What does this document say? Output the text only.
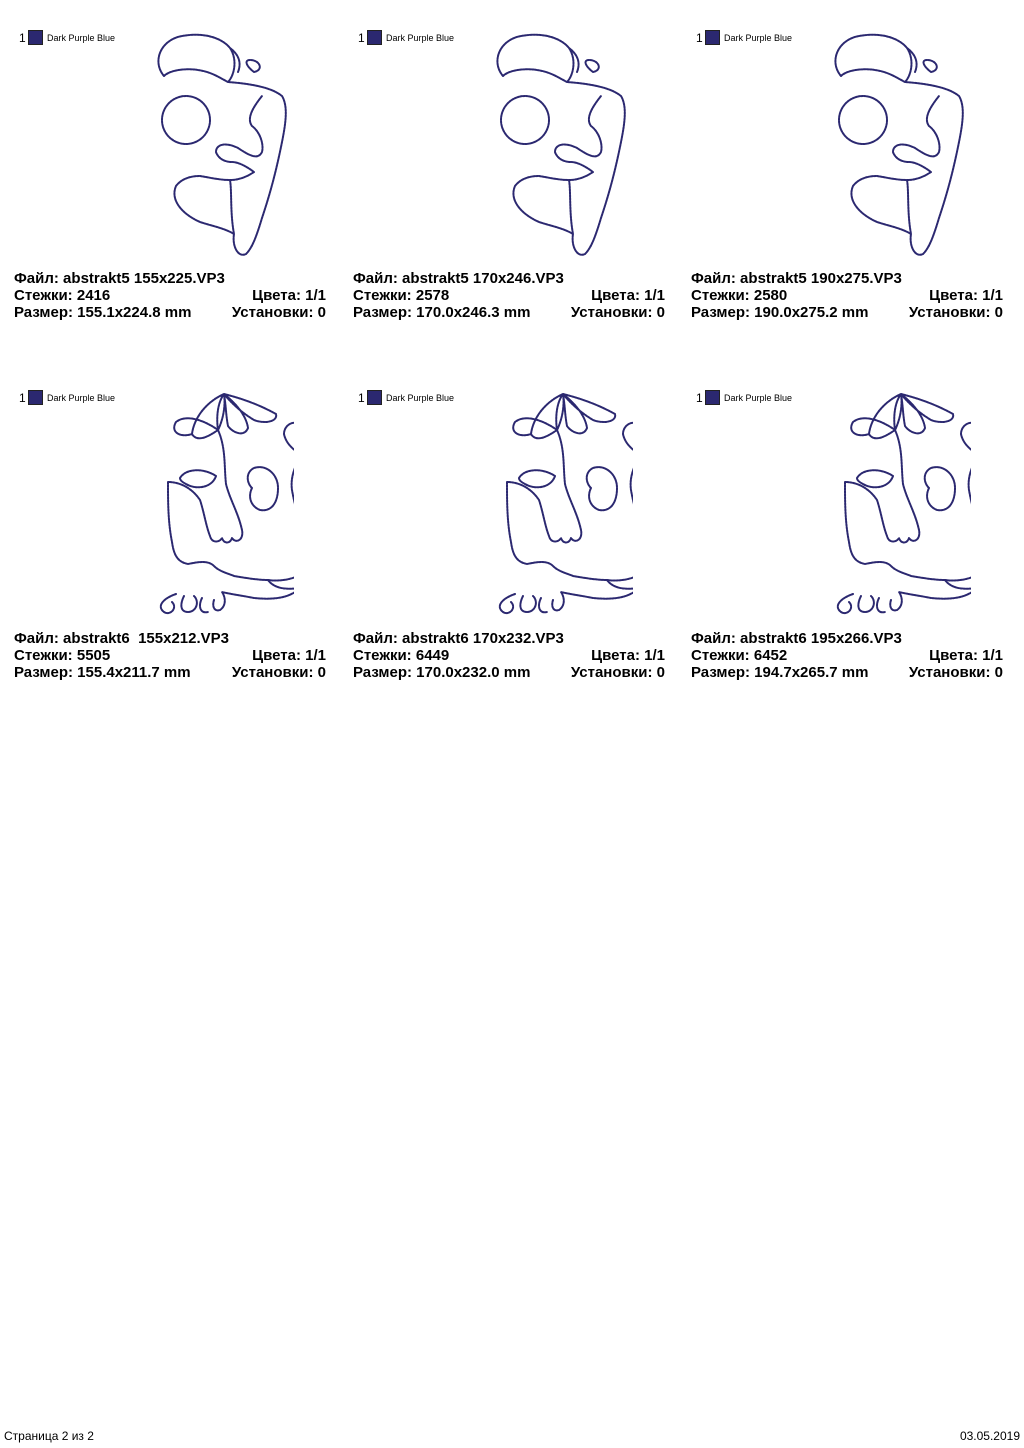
1 Dark Purple Blue
Файл: abstrakt5 155x225.VP3
Стежки: 2416	Цвета: 1/1
Размер: 155.1x224.8 mm	Установки: 0
1 Dark Purple Blue
Файл: abstrakt5 170x246.VP3
Стежки: 2578	Цвета: 1/1
Размер: 170.0x246.3 mm	Установки: 0
1 Dark Purple Blue
Файл: abstrakt5 190x275.VP3
Стежки: 2580	Цвета: 1/1
Размер: 190.0x275.2 mm	Установки: 0
1 Dark Purple Blue
Файл: abstrakt6  155x212.VP3
Стежки: 5505	Цвета: 1/1
Размер: 155.4x211.7 mm	Установки: 0
1 Dark Purple Blue
Файл: abstrakt6 170x232.VP3
Стежки: 6449	Цвета: 1/1
Размер: 170.0x232.0 mm	Установки: 0
1 Dark Purple Blue
Файл: abstrakt6 195x266.VP3
Стежки: 6452	Цвета: 1/1
Размер: 194.7x265.7 mm	Установки: 0
Страница 2 из 2	03.05.2019
